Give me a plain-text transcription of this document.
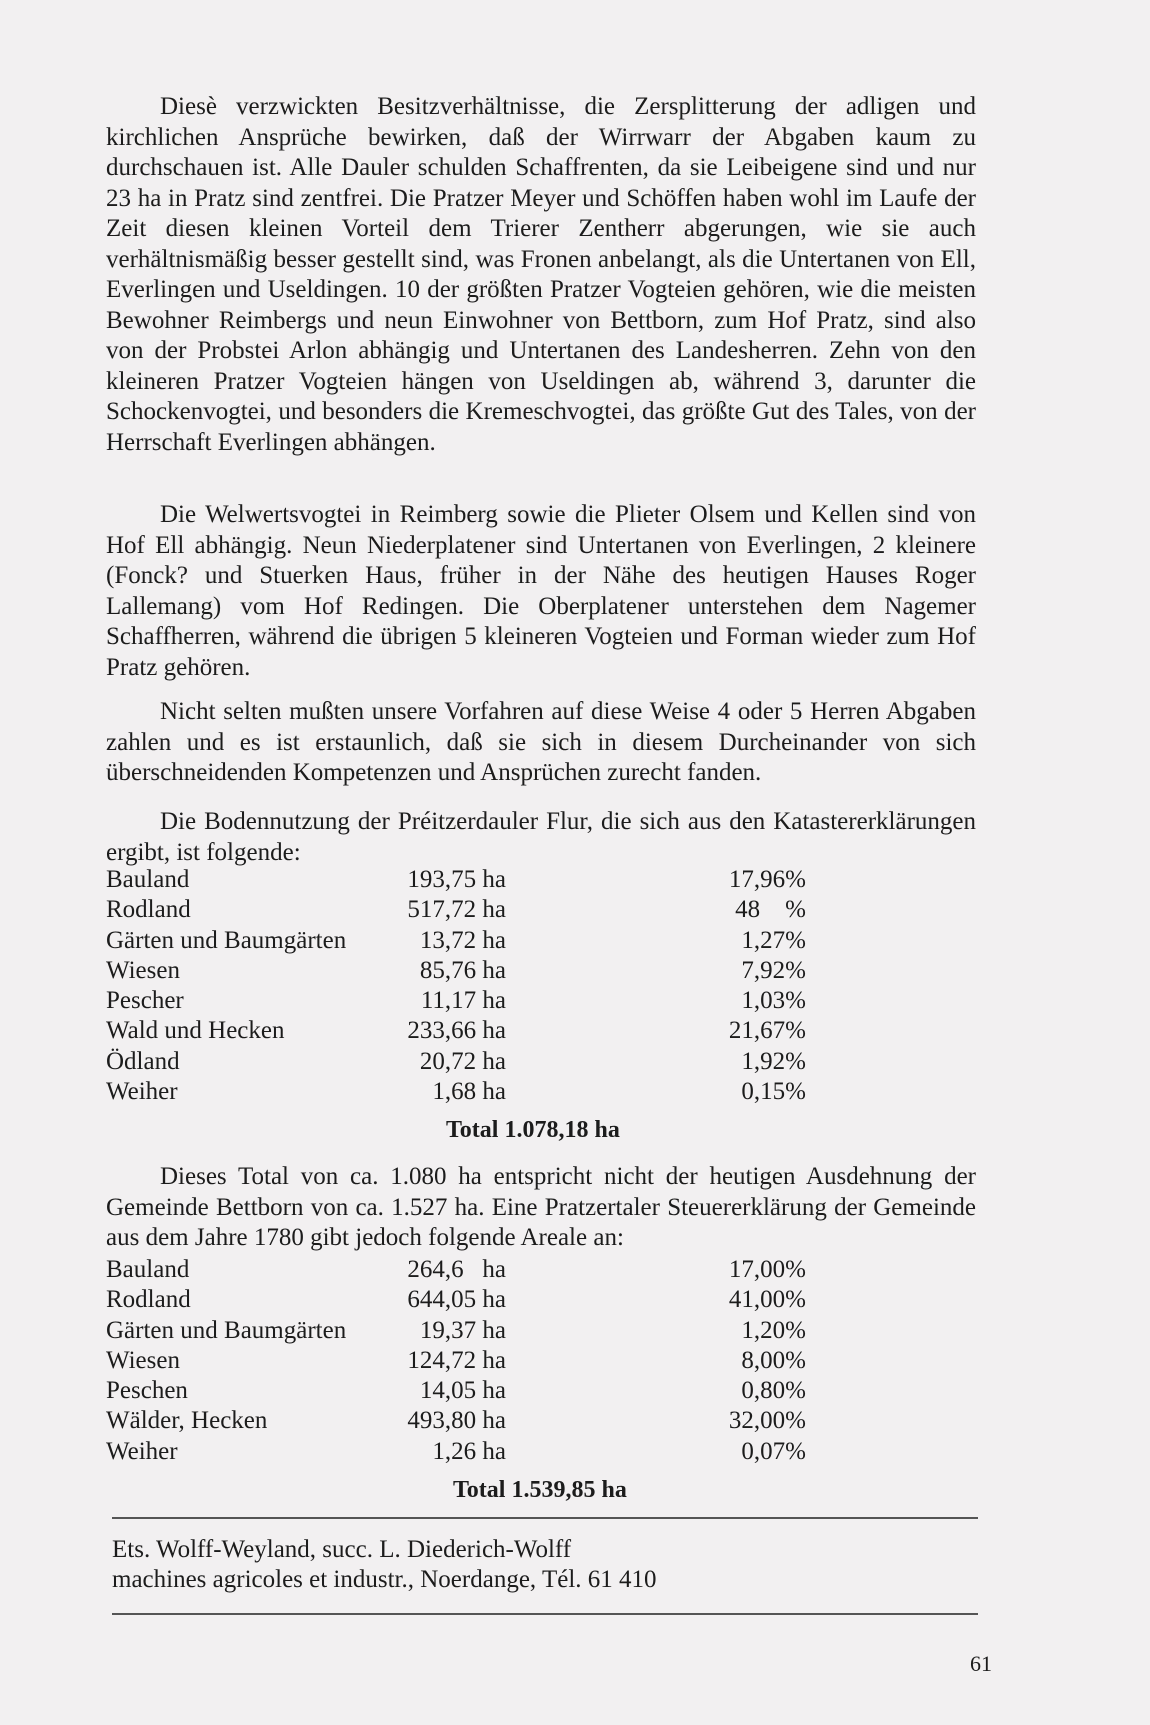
Diesè verzwickten Besitzverhältnisse, die Zersplitterung der adligen und kirchlichen Ansprüche bewirken, daß der Wirrwarr der Abgaben kaum zu durchschauen ist. Alle Dauler schulden Schaffrenten, da sie Leibeigene sind und nur 23 ha in Pratz sind zentfrei. Die Pratzer Meyer und Schöffen haben wohl im Laufe der Zeit diesen kleinen Vorteil dem Trierer Zentherr abgerungen, wie sie auch verhältnismäßig besser gestellt sind, was Fronen anbelangt, als die Untertanen von Ell, Everlingen und Useldingen. 10 der größten Pratzer Vogteien gehören, wie die meisten Bewohner Reimbergs und neun Einwohner von Bettborn, zum Hof Pratz, sind also von der Probstei Arlon abhängig und Untertanen des Landesherren. Zehn von den kleineren Pratzer Vogteien hängen von Useldingen ab, während 3, darunter die Schockenvogtei, und besonders die Kremeschvogtei, das größte Gut des Tales, von der Herrschaft Everlingen abhängen.

Die Welwertsvogtei in Reimberg sowie die Plieter Olsem und Kellen sind von Hof Ell abhängig. Neun Niederplatener sind Untertanen von Everlingen, 2 kleinere (Fonck? und Stuerken Haus, früher in der Nähe des heutigen Hauses Roger Lallemang) vom Hof Redingen. Die Oberplatener unterstehen dem Nagemer Schaffherren, während die übrigen 5 kleineren Vogteien und Forman wieder zum Hof Pratz gehören.

Nicht selten mußten unsere Vorfahren auf diese Weise 4 oder 5 Herren Abgaben zahlen und es ist erstaunlich, daß sie sich in diesem Durcheinander von sich überschneidenden Kompetenzen und Ansprüchen zurecht fanden.

Die Bodennutzung der Préitzerdauler Flur, die sich aus den Katastererklärungen ergibt, ist folgende:

Bauland	193,75 ha	17,96%
Rodland	517,72 ha	48 %
Gärten und Baumgärten	13,72 ha	1,27%
Wiesen	85,76 ha	7,92%
Pescher	11,17 ha	1,03%
Wald und Hecken	233,66 ha	21,67%
Ödland	20,72 ha	1,92%
Weiher	1,68 ha	0,15%
Total 1.078,18 ha

Dieses Total von ca. 1.080 ha entspricht nicht der heutigen Ausdehnung der Gemeinde Bettborn von ca. 1.527 ha. Eine Pratzertaler Steuererklärung der Gemeinde aus dem Jahre 1780 gibt jedoch folgende Areale an:

Bauland	264,6  ha	17,00%
Rodland	644,05 ha	41,00%
Gärten und Baumgärten	19,37 ha	1,20%
Wiesen	124,72 ha	8,00%
Peschen	14,05 ha	0,80%
Wälder, Hecken	493,80 ha	32,00%
Weiher	1,26 ha	0,07%
Total 1.539,85 ha
Ets. Wolff-Weyland, succ. L. Diederich-Wolff
machines agricoles et industr., Noerdange, Tél. 61 410
61
